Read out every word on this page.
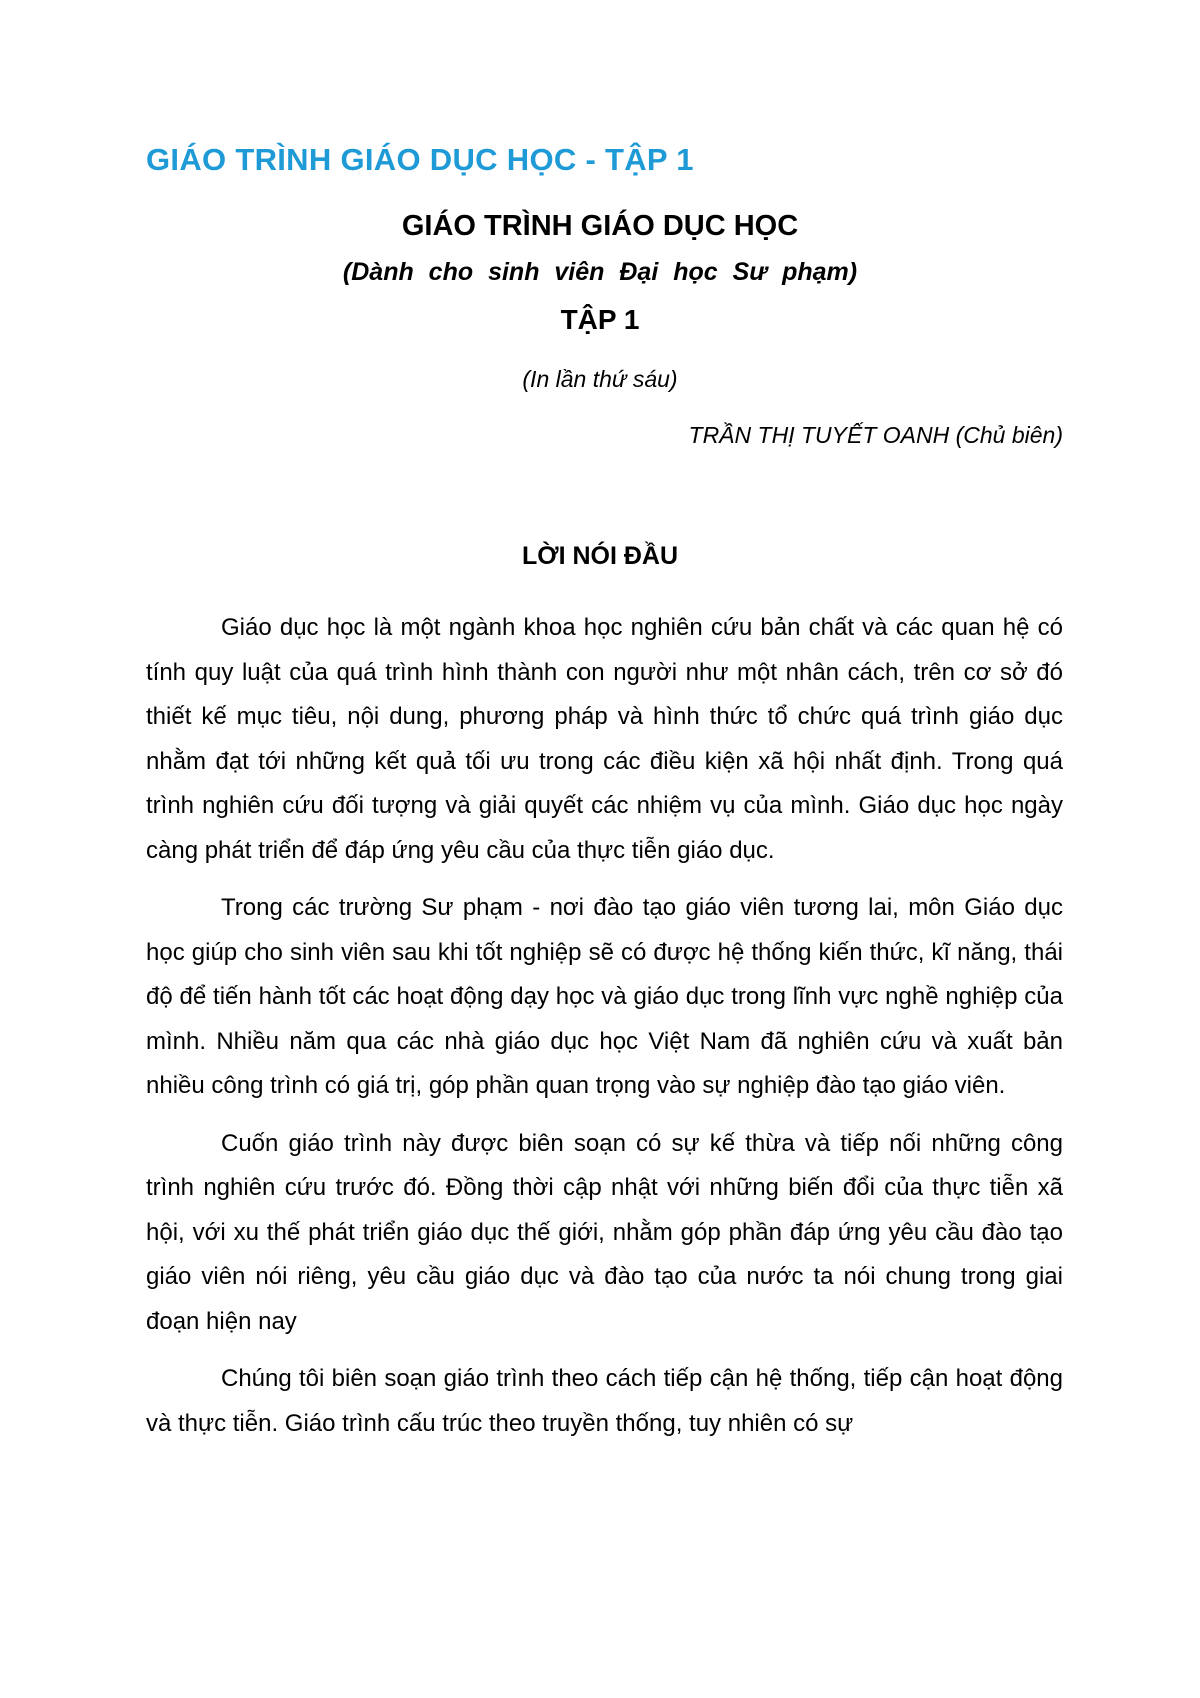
GIÁO TRÌNH GIÁO DỤC HỌC - TẬP 1
GIÁO TRÌNH GIÁO DỤC HỌC
(Dành cho sinh viên Đại học Sư phạm)
TẬP 1
(In lần thứ sáu)
TRẦN THỊ TUYẾT OANH (Chủ biên)
LỜI NÓI ĐẦU

Giáo dục học là một ngành khoa học nghiên cứu bản chất và các quan hệ có tính quy luật của quá trình hình thành con người như một nhân cách, trên cơ sở đó thiết kế mục tiêu, nội dung, phương pháp và hình thức tổ chức quá trình giáo dục nhằm đạt tới những kết quả tối ưu trong các điều kiện xã hội nhất định. Trong quá trình nghiên cứu đối tượng và giải quyết các nhiệm vụ của mình. Giáo dục học ngày càng phát triển để đáp ứng yêu cầu của thực tiễn giáo dục.

Trong các trường Sư phạm - nơi đào tạo giáo viên tương lai, môn Giáo dục học giúp cho sinh viên sau khi tốt nghiệp sẽ có được hệ thống kiến thức, kĩ năng, thái độ để tiến hành tốt các hoạt động dạy học và giáo dục trong lĩnh vực nghề nghiệp của mình. Nhiều năm qua các nhà giáo dục học Việt Nam đã nghiên cứu và xuất bản nhiều công trình có giá trị, góp phần quan trọng vào sự nghiệp đào tạo giáo viên.

Cuốn giáo trình này được biên soạn có sự kế thừa và tiếp nối những công trình nghiên cứu trước đó. Đồng thời cập nhật với những biến đổi của thực tiễn xã hội, với xu thế phát triển giáo dục thế giới, nhằm góp phần đáp ứng yêu cầu đào tạo giáo viên nói riêng, yêu cầu giáo dục và đào tạo của nước ta nói chung trong giai đoạn hiện nay

Chúng tôi biên soạn giáo trình theo cách tiếp cận hệ thống, tiếp cận hoạt động và thực tiễn. Giáo trình cấu trúc theo truyền thống, tuy nhiên có sự
